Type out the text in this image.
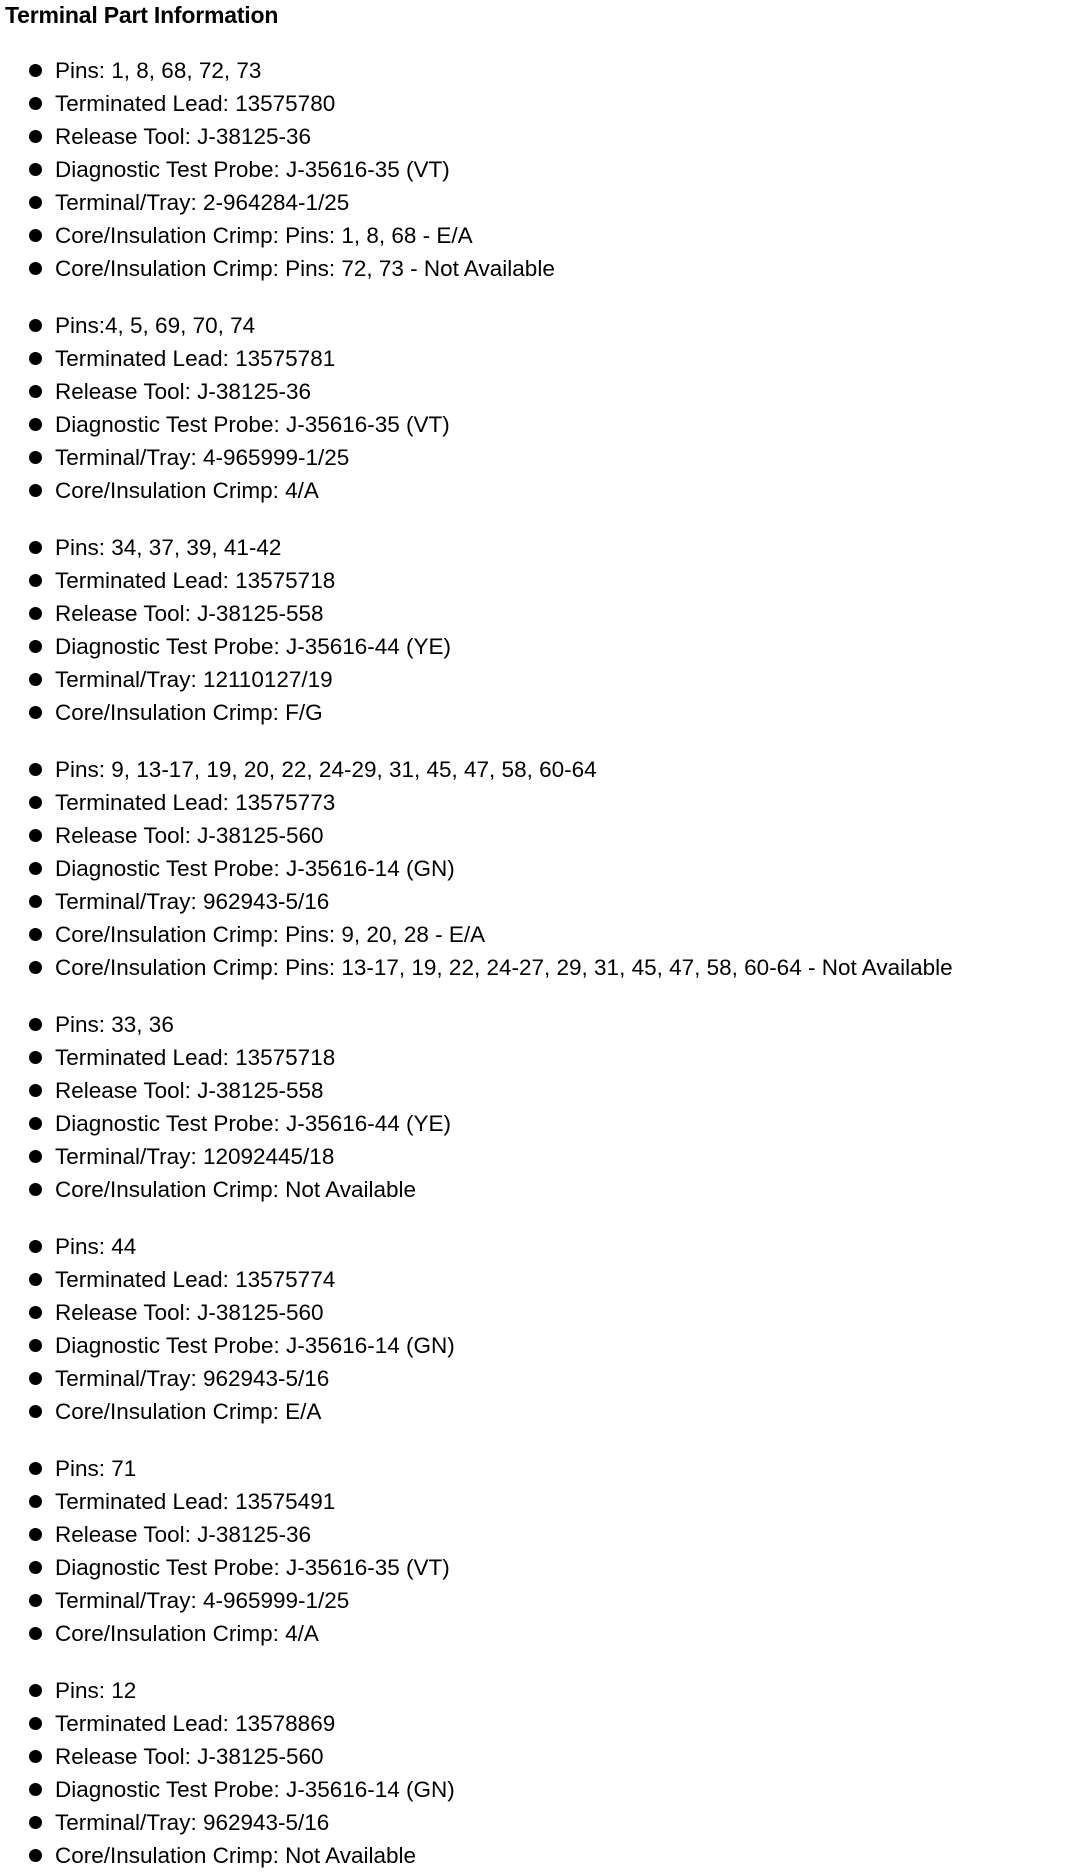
Terminal Part Information
Pins: 1, 8, 68, 72, 73
Terminated Lead: 13575780
Release Tool: J-38125-36
Diagnostic Test Probe: J-35616-35 (VT)
Terminal/Tray: 2-964284-1/25
Core/Insulation Crimp: Pins: 1, 8, 68 - E/A
Core/Insulation Crimp: Pins: 72, 73 - Not Available
Pins:4, 5, 69, 70, 74
Terminated Lead: 13575781
Release Tool: J-38125-36
Diagnostic Test Probe: J-35616-35 (VT)
Terminal/Tray: 4-965999-1/25
Core/Insulation Crimp: 4/A
Pins: 34, 37, 39, 41-42
Terminated Lead: 13575718
Release Tool: J-38125-558
Diagnostic Test Probe: J-35616-44 (YE)
Terminal/Tray: 12110127/19
Core/Insulation Crimp: F/G
Pins: 9, 13-17, 19, 20, 22, 24-29, 31, 45, 47, 58, 60-64
Terminated Lead: 13575773
Release Tool: J-38125-560
Diagnostic Test Probe: J-35616-14 (GN)
Terminal/Tray: 962943-5/16
Core/Insulation Crimp: Pins: 9, 20, 28 - E/A
Core/Insulation Crimp: Pins: 13-17, 19, 22, 24-27, 29, 31, 45, 47, 58, 60-64 - Not Available
Pins: 33, 36
Terminated Lead: 13575718
Release Tool: J-38125-558
Diagnostic Test Probe: J-35616-44 (YE)
Terminal/Tray: 12092445/18
Core/Insulation Crimp: Not Available
Pins: 44
Terminated Lead: 13575774
Release Tool: J-38125-560
Diagnostic Test Probe: J-35616-14 (GN)
Terminal/Tray: 962943-5/16
Core/Insulation Crimp: E/A
Pins: 71
Terminated Lead: 13575491
Release Tool: J-38125-36
Diagnostic Test Probe: J-35616-35 (VT)
Terminal/Tray: 4-965999-1/25
Core/Insulation Crimp: 4/A
Pins: 12
Terminated Lead: 13578869
Release Tool: J-38125-560
Diagnostic Test Probe: J-35616-14 (GN)
Terminal/Tray: 962943-5/16
Core/Insulation Crimp: Not Available
